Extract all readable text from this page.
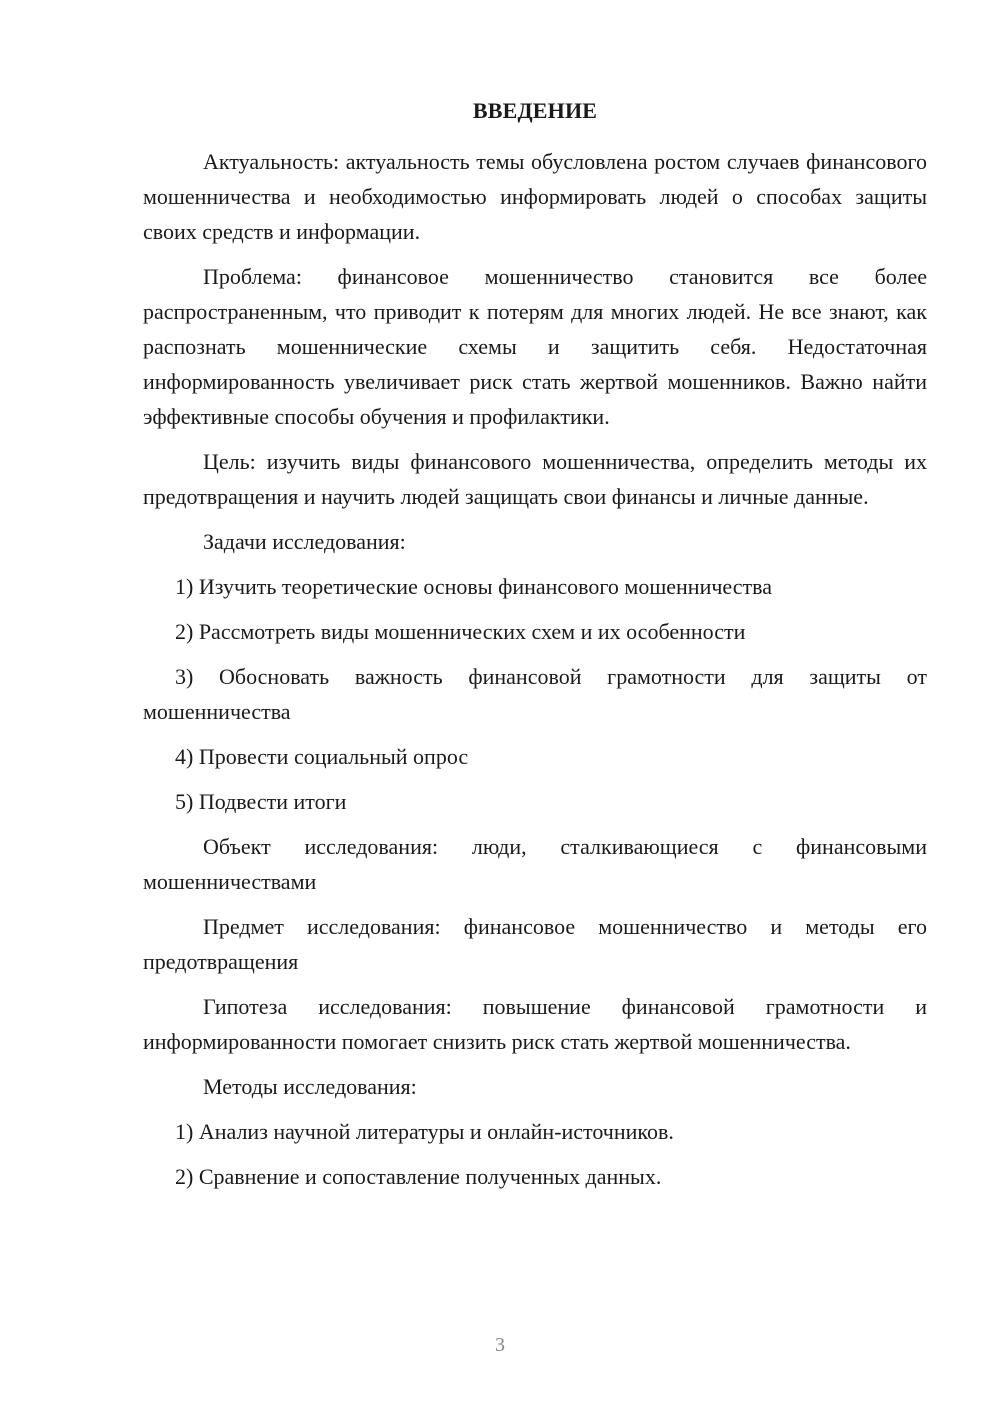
ВВЕДЕНИЕ

Актуальность: актуальность темы обусловлена ростом случаев финансового мошенничества и необходимостью информировать людей о способах защиты своих средств и информации.

Проблема: финансовое мошенничество становится все более распространенным, что приводит к потерям для многих людей. Не все знают, как распознать мошеннические схемы и защитить себя. Недостаточная информированность увеличивает риск стать жертвой мошенников. Важно найти эффективные способы обучения и профилактики.

Цель: изучить виды финансового мошенничества, определить методы их предотвращения и научить людей защищать свои финансы и личные данные.

Задачи исследования:

1) Изучить теоретические основы финансового мошенничества

2) Рассмотреть виды мошеннических схем и их особенности

3) Обосновать важность финансовой грамотности для защиты от мошенничества

4) Провести социальный опрос

5) Подвести итоги

Объект исследования: люди, сталкивающиеся с финансовыми мошенничествами

Предмет исследования: финансовое мошенничество и методы его предотвращения

Гипотеза исследования: повышение финансовой грамотности и информированности помогает снизить риск стать жертвой мошенничества.

Методы исследования:

1) Анализ научной литературы и онлайн-источников.

2) Сравнение и сопоставление полученных данных.

3
